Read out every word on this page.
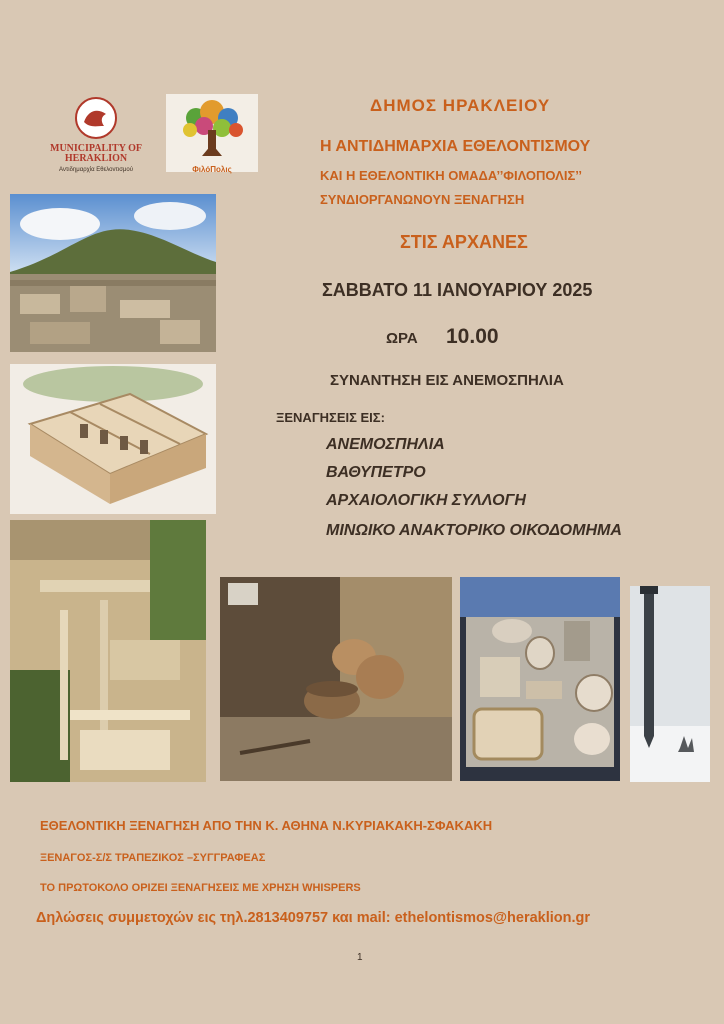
MUNICIPALITY OF
HERAKLION
Αντιδημαρχία Εθελοντισμού	ΦιλόΠολις
ΔΗΜΟΣ ΗΡΑΚΛΕΙΟΥ
Η ΑΝΤΙΔΗΜΑΡΧΙΑ ΕΘΕΛΟΝΤΙΣΜΟΥ
ΚΑΙ Η ΕΘΕΛΟΝΤΙΚΗ ΟΜΑΔΑ’’ΦΙΛΟΠΟΛΙΣ’’
ΣΥΝΔΙΟΡΓΑΝΩΝΟΥΝ ΞΕΝΑΓΗΣΗ
ΣΤΙΣ ΑΡΧΑΝΕΣ
ΣΑΒΒΑΤΟ 11 ΙΑΝΟΥΑΡΙΟΥ 2025
ΩΡΑ 10.00
ΣΥΝΑΝΤΗΣΗ ΕΙΣ ΑΝΕΜΟΣΠΗΛΙΑ
ΞΕΝΑΓΗΣΕΙΣ ΕΙΣ:
ΑΝΕΜΟΣΠΗΛΙΑ
ΒΑΘΥΠΕΤΡΟ
ΑΡΧΑΙΟΛΟΓΙΚΗ ΣΥΛΛΟΓΗ
ΜΙΝΩΙΚΟ ΑΝΑΚΤΟΡΙΚΟ ΟΙΚΟΔΟΜΗΜΑ
ΕΘΕΛΟΝΤΙΚΗ ΞΕΝΑΓΗΣΗ ΑΠΟ ΤΗΝ Κ. ΑΘΗΝΑ Ν.ΚΥΡΙΑΚΑΚΗ-ΣΦΑΚΑΚΗ
ΞΕΝΑΓΟΣ-Σ/Σ ΤΡΑΠΕΖΙΚΟΣ –ΣΥΓΓΡΑΦΕΑΣ
ΤΟ ΠΡΩΤΟΚΟΛΟ ΟΡΙΖΕΙ ΞΕΝΑΓΗΣΕΙΣ ΜΕ ΧΡΗΣΗ WHISPERS
Δηλώσεις συμμετοχών εις τηλ.2813409757 και mail: ethelontismos@heraklion.gr
1
